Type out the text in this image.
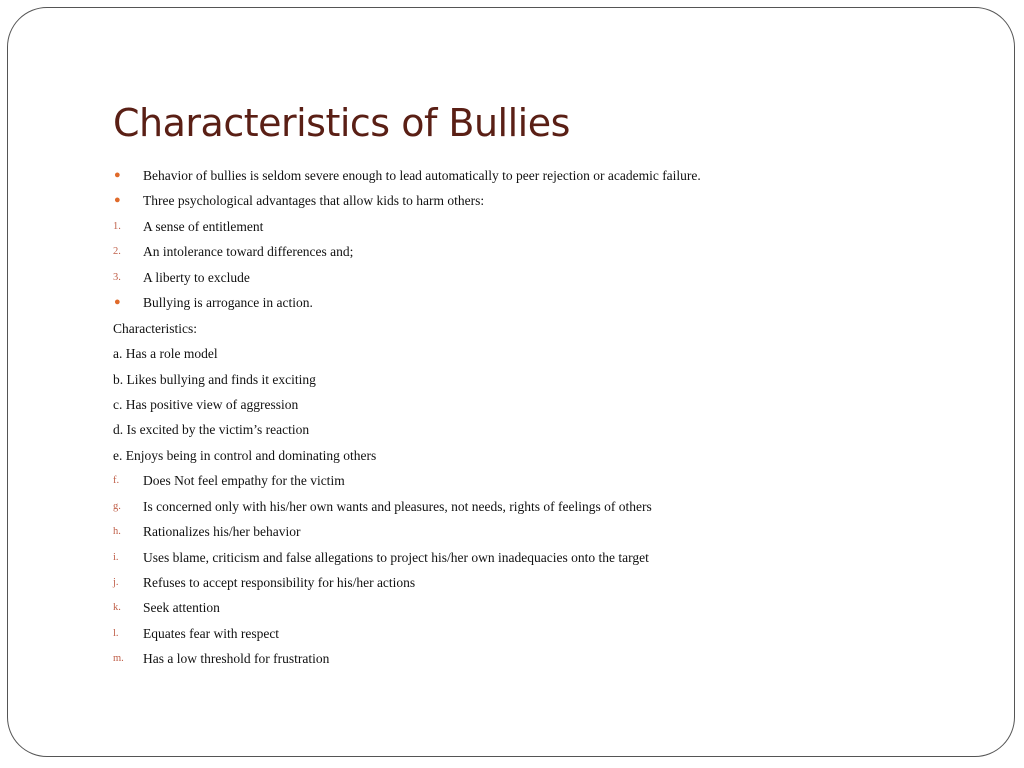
Characteristics of Bullies
●	Behavior of bullies is seldom severe enough to lead automatically to peer rejection or academic failure.
●	Three psychological advantages that allow kids to harm others:
1.	A sense of entitlement
2.	An intolerance toward differences and;
3.	A liberty to exclude
●	Bullying is arrogance in action.
Characteristics:
a. Has a role model
b. Likes bullying and finds it exciting
c. Has positive view of aggression
d. Is excited by the victim’s reaction
e. Enjoys being in control and dominating others
f.	Does Not feel empathy for the victim
g.	Is concerned only with his/her own wants and pleasures, not needs, rights of feelings of others
h.	Rationalizes his/her behavior
i.	Uses blame, criticism and false allegations to project his/her own inadequacies onto the target
j.	Refuses to accept responsibility for his/her actions
k.	Seek attention
l.	Equates fear with respect
m.	Has a low threshold for frustration
